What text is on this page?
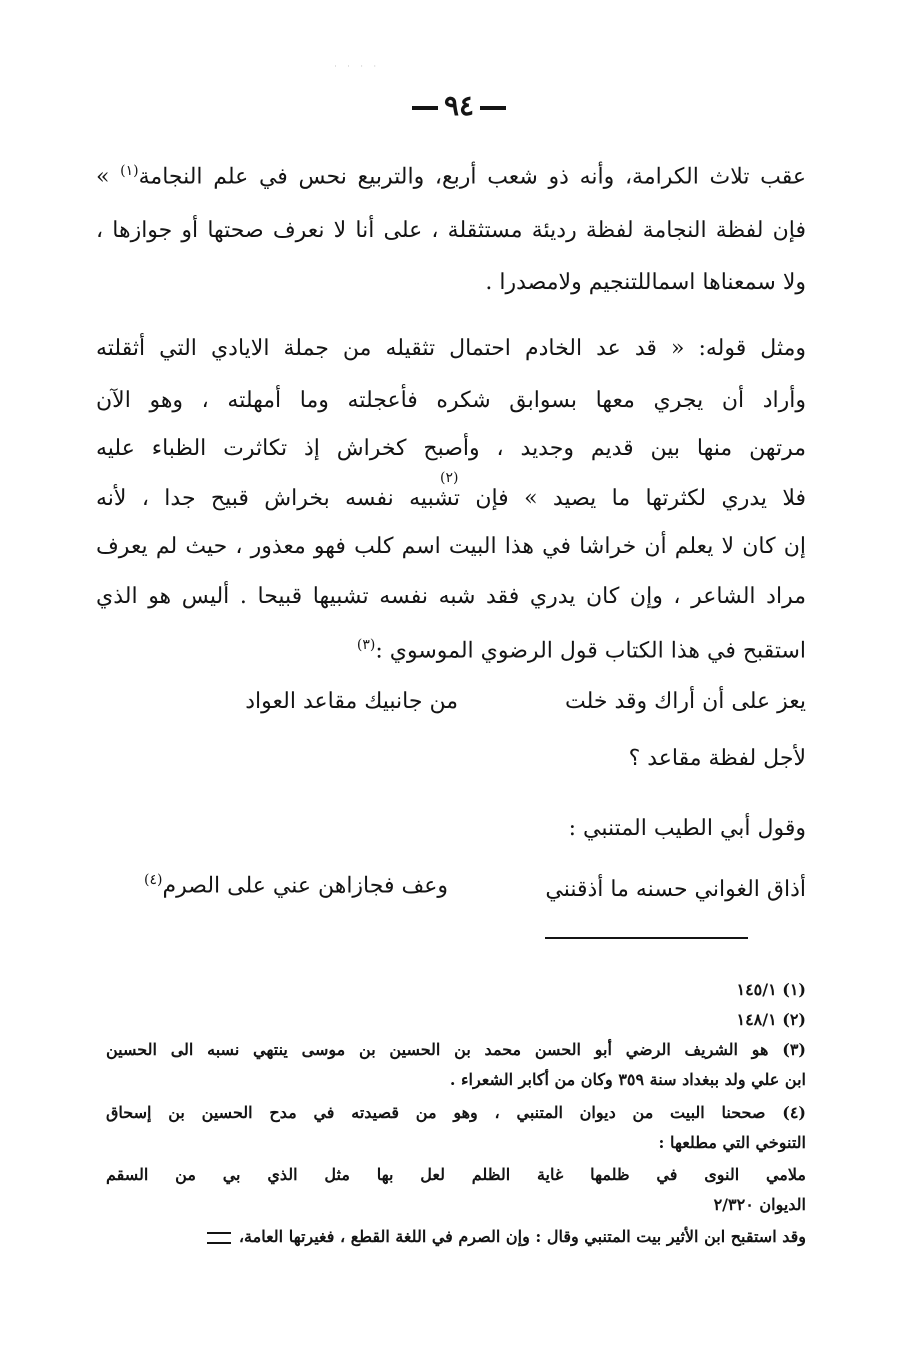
· · · ·
٩٤
عقب تلاث الكرامة، وأنه ذو شعب أربع، والتربيع نحس في علم النجامة$^{(١)}$ »
فإن لفظة النجامة لفظة رديئة مستثقلة ، على أنا لا نعرف صحتها أو جوازها ،
ولا سمعناها اسماللتنجيم ولامصدرا .
ومثل قوله: « قد عد الخادم احتمال تثقيله من جملة الايادي التي أثقلته
وأراد أن يجري معها بسوابق شكره فأعجلته وما أمهلته ، وهو الآن
مرتهن منها بين قديم وجديد ، وأصبح كخراش إذ تكاثرت الظباء عليه
فلا يدري لكثرتها ما يصيد » فإن تشبيه نفسه بخراش قبيح جدا ، لأنه
إن كان لا يعلم أن خراشا في هذا البيت اسم كلب فهو معذور ، حيث لم يعرف
مراد الشاعر ، وإن كان يدري فقد شبه نفسه تشبيها قبيحا . أليس هو الذي
استقبح في هذا الكتاب قول الرضوي الموسوي :$^{(٣)}$
(٢)
يعز على أن أراك وقد خلت
من جانبيك مقاعد العواد
لأجل لفظة مقاعد ؟
وقول أبي الطيب المتنبي :
أذاق الغواني حسنه ما أذقنني
وعف فجازاهن عني على الصرم$^{(٤)}$
(١) ١٤٥/١
(٢) ١٤٨/١
(٣) هو الشريف الرضي أبو الحسن محمد بن الحسين بن موسى ينتهي نسبه الى الحسين
ابن علي ولد ببغداد سنة ٣٥٩ وكان من أكابر الشعراء .
(٤) صححنا البيت من ديوان المتنبي ، وهو من قصيدته في مدح الحسين بن إسحاق
التنوخي التي مطلعها :
ملامي النوى في ظلمها غاية الظلم لعل بها مثل الذي بي من السقم
الديوان ٢/٣٢٠
وقد استقبح ابن الأثير بيت المتنبي وقال : وإن الصرم في اللغة القطع ، فغيرتها العامة،
